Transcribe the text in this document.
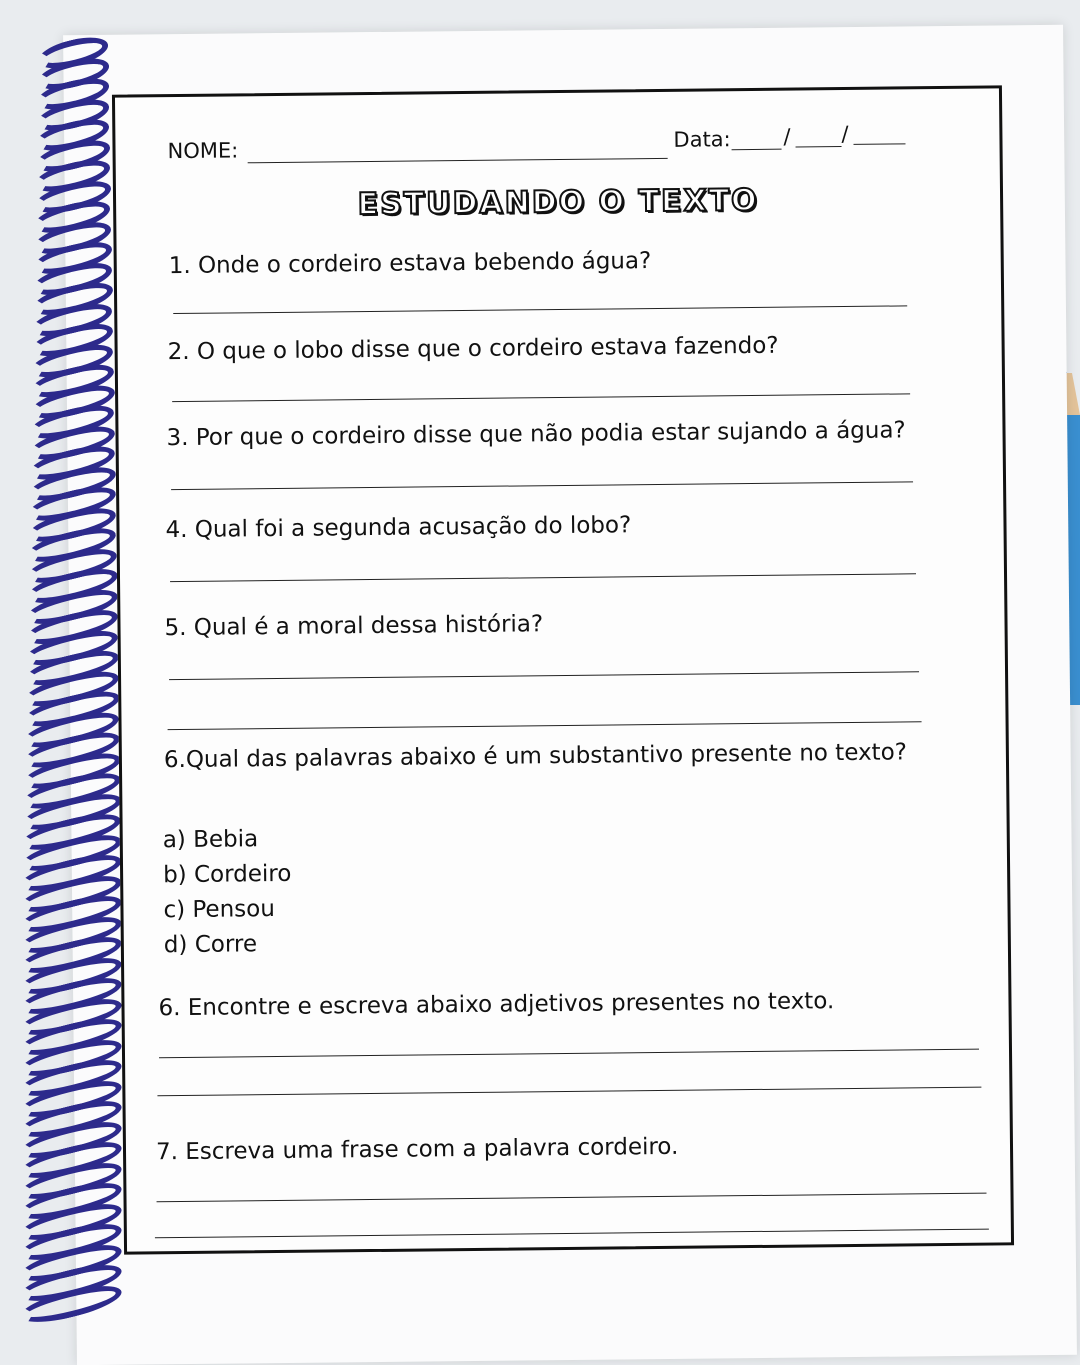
NOME:	Data:	/ /
ESTUDANDO O TEXTO
1. Onde o cordeiro estava bebendo água?
2. O que o lobo disse que o cordeiro estava fazendo?
3. Por que o cordeiro disse que não podia estar sujando a água?
4. Qual foi a segunda acusação do lobo?
5. Qual é a moral dessa história?
6.Qual das palavras abaixo é um substantivo presente no texto?
a) Bebia
b) Cordeiro
c) Pensou
d) Corre
6. Encontre e escreva abaixo adjetivos presentes no texto.
7. Escreva uma frase com a palavra cordeiro.
